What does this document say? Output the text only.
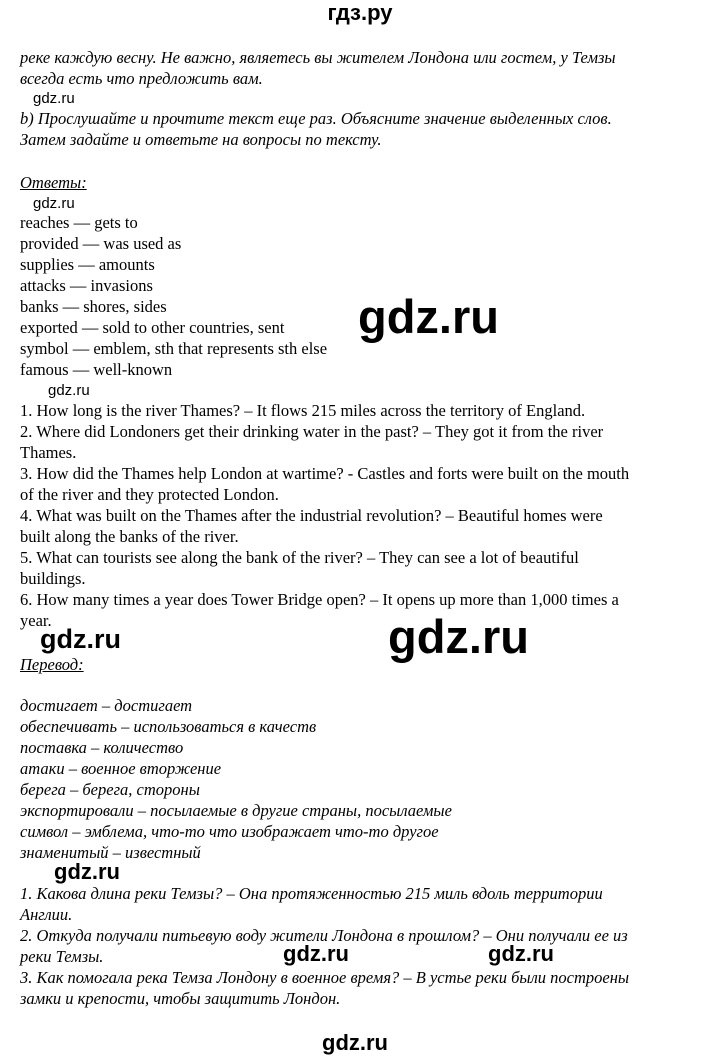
гдз.ру
реке каждую весну. Не важно, являетесь вы жителем Лондона или гостем, у Темзы
всегда есть что предложить вам.
gdz.ru
b) Прослушайте и прочтите текст еще раз. Объясните значение выделенных слов.
Затем задайте и ответьте на вопросы по тексту.
Ответы:
gdz.ru
reaches — gets to
provided — was used as
supplies — amounts
attacks — invasions
banks — shores, sides
exported — sold to other countries, sent
symbol — emblem, sth that represents sth else
famous — well-known
gdz.ru
gdz.ru
1. How long is the river Thames? – It flows 215 miles across the territory of England.
2. Where did Londoners get their drinking water in the past? – They got it from the river
Thames.
3. How did the Thames help London at wartime? - Castles and forts were built on the mouth
of the river and they protected London.
4. What was built on the Thames after the industrial revolution? – Beautiful homes were
built along the banks of the river.
5. What can tourists see along the bank of the river? – They can see a lot of beautiful
buildings.
6. How many times a year does Tower Bridge open? – It opens up more than 1,000 times a
year.
gdz.ru	gdz.ru
Перевод:
достигает – достигает
обеспечивать – использоваться в качеств
поставка – количество
атаки – военное вторжение
берега – берега, стороны
экспортировали – посылаемые в другие страны, посылаемые
символ – эмблема, что-то что изображает что-то другое
знаменитый – известный
gdz.ru
1. Какова длина реки Темзы? – Она протяженностью 215 миль вдоль территории
Англии.
2. Откуда получали питьевую воду жители Лондона в прошлом? – Они получали ее из
реки Темзы.
3. Как помогала река Темза Лондону в военное время? – В устье реки были построены
замки и крепости, чтобы защитить Лондон.
gdz.ru	gdz.ru
gdz.ru
